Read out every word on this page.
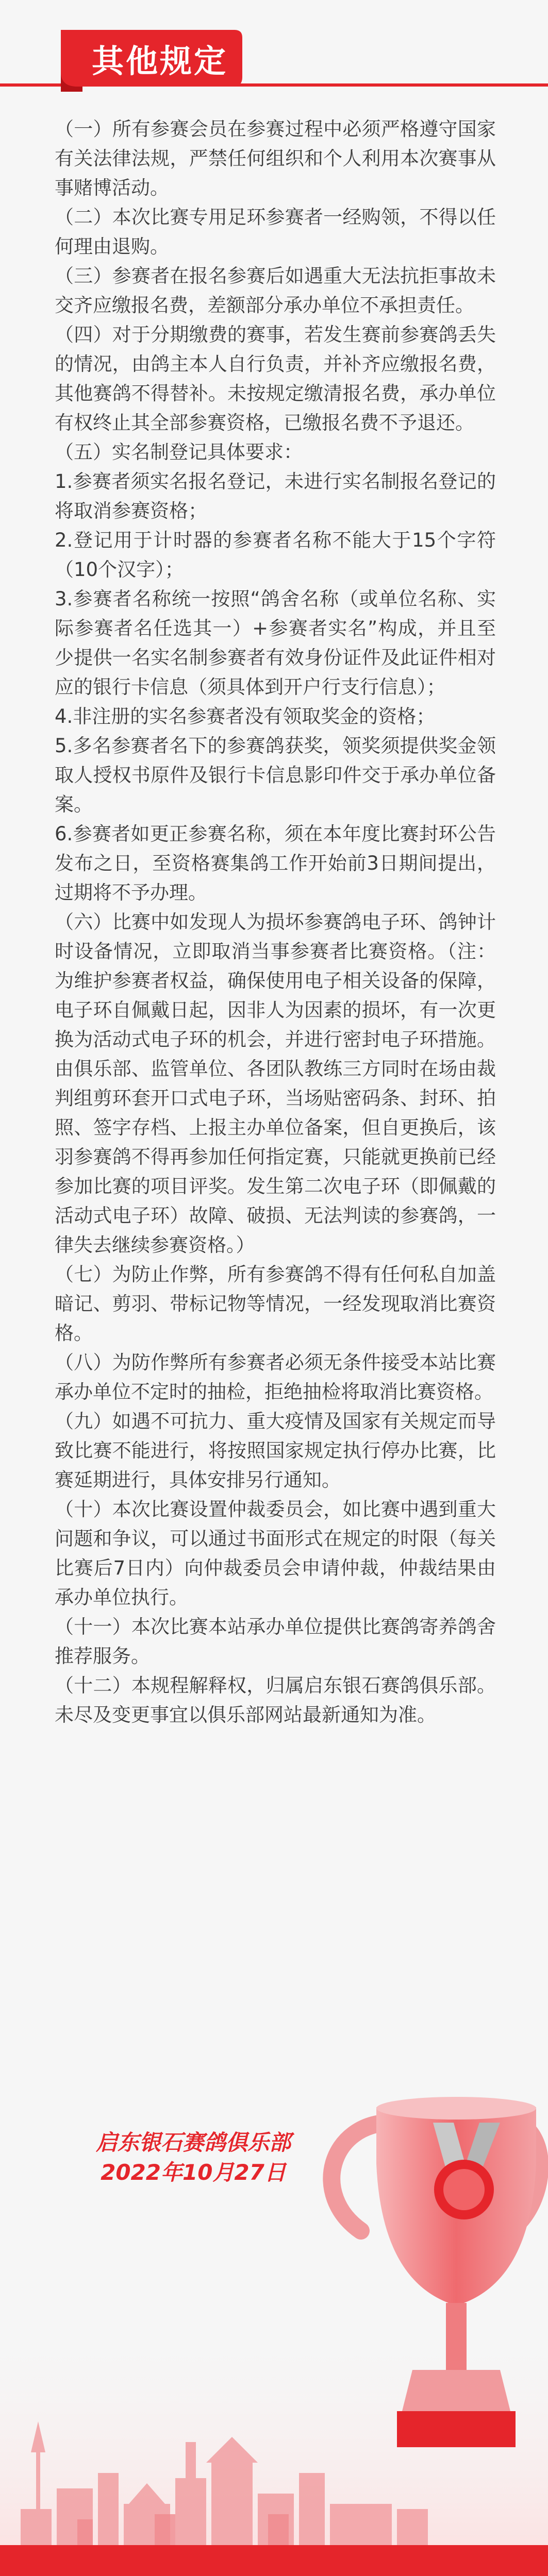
其他规定

（一）所有参赛会员在参赛过程中必须严格遵守国家有关法律法规，严禁任何组织和个人利用本次赛事从事赌博活动。

（二）本次比赛专用足环参赛者一经购领，不得以任何理由退购。

（三）参赛者在报名参赛后如遇重大无法抗拒事故未交齐应缴报名费，差额部分承办单位不承担责任。

（四）对于分期缴费的赛事，若发生赛前参赛鸽丢失的情况，由鸽主本人自行负责，并补齐应缴报名费，其他赛鸽不得替补。未按规定缴清报名费，承办单位有权终止其全部参赛资格，已缴报名费不予退还。

（五）实名制登记具体要求：

1.参赛者须实名报名登记，未进行实名制报名登记的将取消参赛资格；

2.登记用于计时器的参赛者名称不能大于15个字符（10个汉字）；

3.参赛者名称统一按照“鸽舍名称（或单位名称、实际参赛者名任选其一）+参赛者实名”构成，并且至少提供一名实名制参赛者有效身份证件及此证件相对应的银行卡信息（须具体到开户行支行信息）；

4.非注册的实名参赛者没有领取奖金的资格；

5.多名参赛者名下的参赛鸽获奖，领奖须提供奖金领取人授权书原件及银行卡信息影印件交于承办单位备案。

6.参赛者如更正参赛名称，须在本年度比赛封环公告发布之日，至资格赛集鸽工作开始前3日期间提出，过期将不予办理。

（六）比赛中如发现人为损坏参赛鸽电子环、鸽钟计时设备情况，立即取消当事参赛者比赛资格。（注：为维护参赛者权益，确保使用电子相关设备的保障，电子环自佩戴日起，因非人为因素的损坏，有一次更换为活动式电子环的机会，并进行密封电子环措施。由俱乐部、监管单位、各团队教练三方同时在场由裁判组剪环套开口式电子环，当场贴密码条、封环、拍照、签字存档、上报主办单位备案，但自更换后，该羽参赛鸽不得再参加任何指定赛，只能就更换前已经参加比赛的项目评奖。发生第二次电子环（即佩戴的活动式电子环）故障、破损、无法判读的参赛鸽，一律失去继续参赛资格。）

（七）为防止作弊，所有参赛鸽不得有任何私自加盖暗记、剪羽、带标记物等情况，一经发现取消比赛资格。

（八）为防作弊所有参赛者必须无条件接受本站比赛承办单位不定时的抽检，拒绝抽检将取消比赛资格。

（九）如遇不可抗力、重大疫情及国家有关规定而导致比赛不能进行，将按照国家规定执行停办比赛，比赛延期进行，具体安排另行通知。

（十）本次比赛设置仲裁委员会，如比赛中遇到重大问题和争议，可以通过书面形式在规定的时限（每关比赛后7日内）向仲裁委员会申请仲裁，仲裁结果由承办单位执行。

（十一）本次比赛本站承办单位提供比赛鸽寄养鸽舍推荐服务。

（十二）本规程解释权，归属启东银石赛鸽俱乐部。未尽及变更事宜以俱乐部网站最新通知为准。

启东银石赛鸽俱乐部
2022年10月27日
